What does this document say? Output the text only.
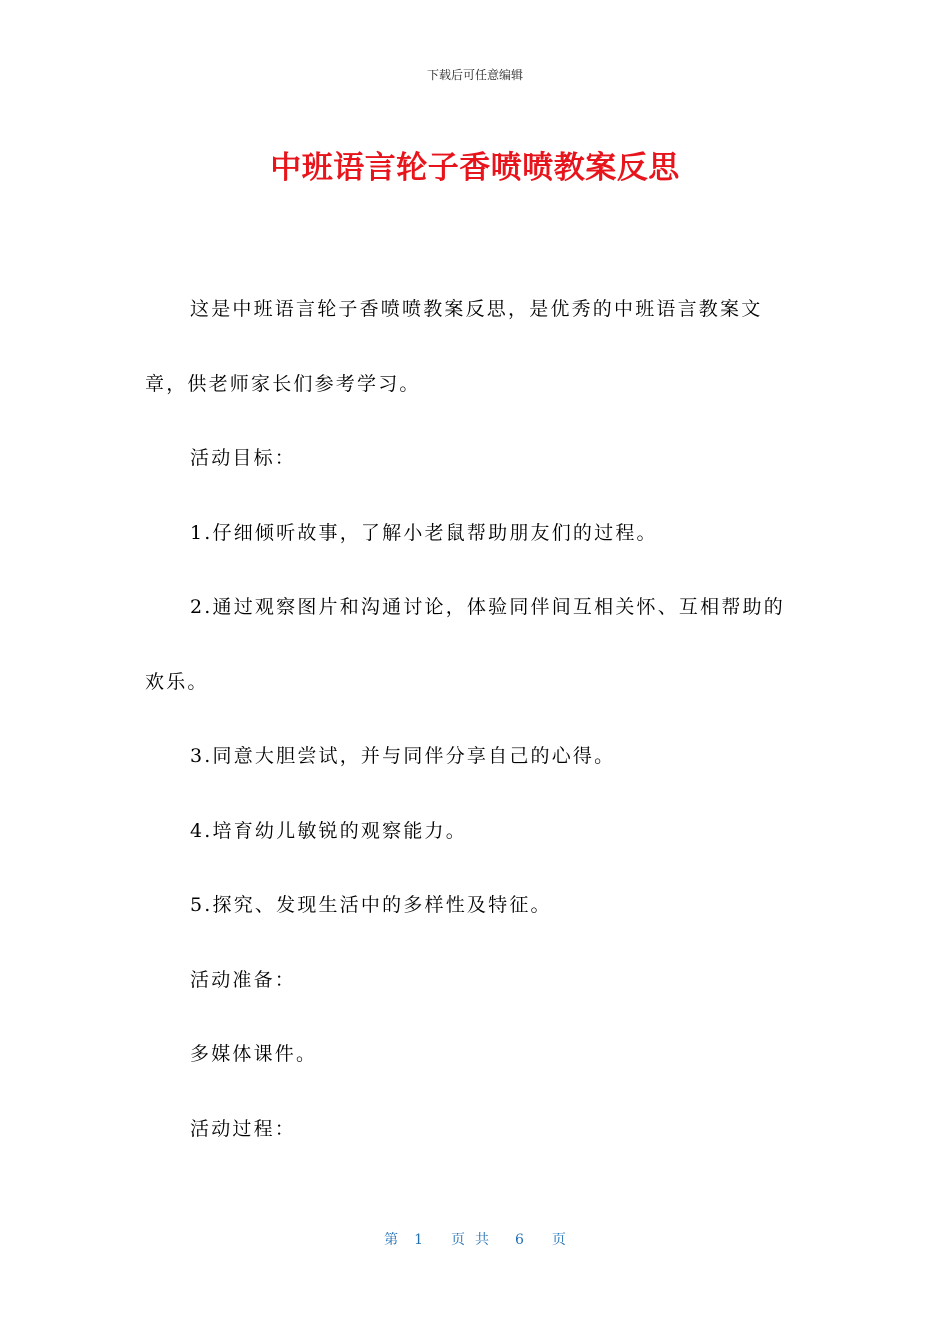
下载后可任意编辑
中班语言轮子香喷喷教案反思

这是中班语言轮子香喷喷教案反思，是优秀的中班语言教案文章，供老师家长们参考学习。

活动目标：

1.仔细倾听故事，了解小老鼠帮助朋友们的过程。

2.通过观察图片和沟通讨论，体验同伴间互相关怀、互相帮助的欢乐。

3.同意大胆尝试，并与同伴分享自己的心得。

4.培育幼儿敏锐的观察能力。

5.探究、发现生活中的多样性及特征。

活动准备：

多媒体课件。

活动过程：

第 1 页共 6 页
